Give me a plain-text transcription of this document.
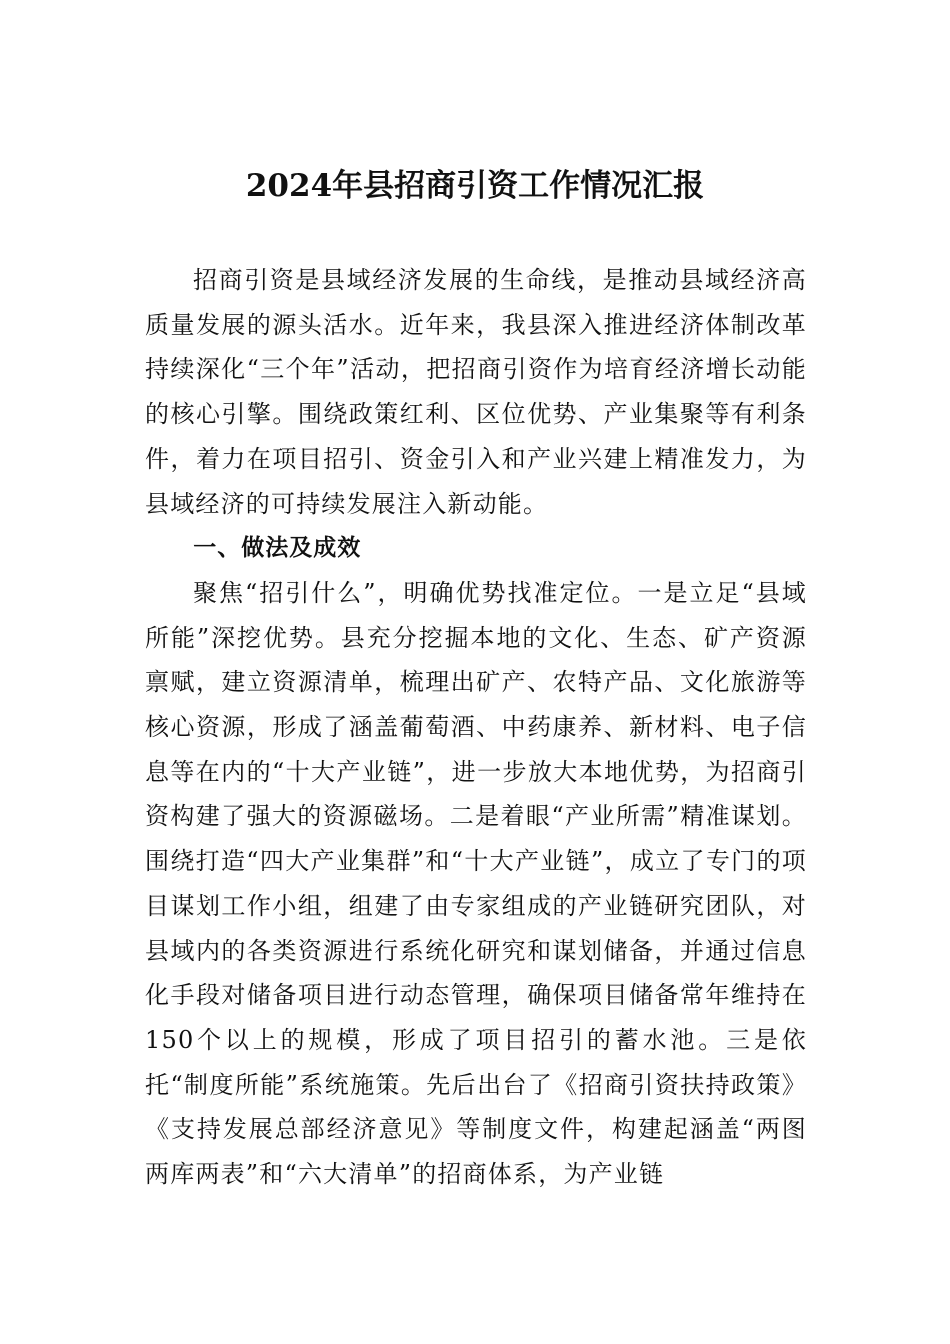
2024年县招商引资工作情况汇报

招商引资是县域经济发展的生命线，是推动县域经济高质量发展的源头活水。近年来，我县深入推进经济体制改革持续深化“三个年”活动，把招商引资作为培育经济增长动能的核心引擎。围绕政策红利、区位优势、产业集聚等有利条件，着力在项目招引、资金引入和产业兴建上精准发力，为县域经济的可持续发展注入新动能。

一、做法及成效

聚焦“招引什么”，明确优势找准定位。一是立足“县域所能”深挖优势。县充分挖掘本地的文化、生态、矿产资源禀赋，建立资源清单，梳理出矿产、农特产品、文化旅游等核心资源，形成了涵盖葡萄酒、中药康养、新材料、电子信息等在内的“十大产业链”，进一步放大本地优势，为招商引资构建了强大的资源磁场。二是着眼“产业所需”精准谋划。围绕打造“四大产业集群”和“十大产业链”，成立了专门的项目谋划工作小组，组建了由专家组成的产业链研究团队，对县域内的各类资源进行系统化研究和谋划储备，并通过信息化手段对储备项目进行动态管理，确保项目储备常年维持在150个以上的规模，形成了项目招引的蓄水池。三是依托“制度所能”系统施策。先后出台了《招商引资扶持政策》《支持发展总部经济意见》等制度文件，构建起涵盖“两图两库两表”和“六大清单”的招商体系，为产业链
